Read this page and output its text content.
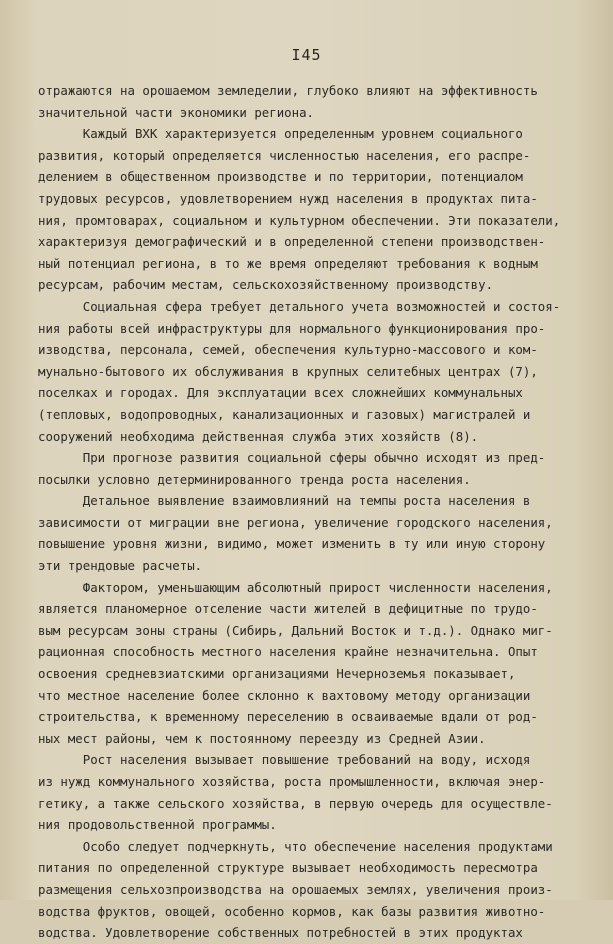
I45
отражаются на орошаемом земледелии, глубоко влияют на эффективность
значительной части экономики региона.
Каждый ВХК характеризуется определенным уровнем социального
развития, который определяется численностью населения, его распре-
делением в общественном производстве и по территории, потенциалом
трудовых ресурсов, удовлетворением нужд населения в продуктах пита-
ния, промтоварах, социальном и культурном обеспечении. Эти показатели,
характеризуя демографический и в определенной степени производствен-
ный потенциал региона, в то же время определяют требования к водным
ресурсам, рабочим местам, сельскохозяйственному производству.
Социальная сфера требует детального учета возможностей и состоя-
ния работы всей инфраструктуры для нормального функционирования про-
изводства, персонала, семей, обеспечения культурно-массового и ком-
мунально-бытового их обслуживания в крупных селитебных центрах (7),
поселках и городах. Для эксплуатации всех сложнейших коммунальных
(тепловых, водопроводных, канализационных и газовых) магистралей и
сооружений необходима действенная служба этих хозяйств (8).
При прогнозе развития социальной сферы обычно исходят из пред-
посылки условно детерминированного тренда роста населения.
Детальное выявление взаимовлияний на темпы роста населения в
зависимости от миграции вне региона, увеличение городского населения,
повышение уровня жизни, видимо, может изменить в ту или иную сторону
эти трендовые расчеты.
Фактором, уменьшающим абсолютный прирост численности населения,
является планомерное отселение части жителей в дефицитные по трудо-
вым ресурсам зоны страны (Сибирь, Дальний Восток и т.д.). Однако миг-
рационная способность местного населения крайне незначительна. Опыт
освоения средневзиатскими организациями Нечерноземья показывает,
что местное население более склонно к вахтовому методу организации
строительства, к временному переселению в осваиваемые вдали от род-
ных мест районы, чем к постоянному переезду из Средней Азии.
Рост населения вызывает повышение требований на воду, исходя
из нужд коммунального хозяйства, роста промышленности, включая энер-
гетику, а также сельского хозяйства, в первую очередь для осуществле-
ния продовольственной программы.
Особо следует подчеркнуть, что обеспечение населения продуктами
питания по определенной структуре вызывает необходимость пересмотра
размещения сельхозпроизводства на орошаемых землях, увеличения произ-
водства фруктов, овощей, особенно кормов, как базы развития животно-
водства. Удовлетворение собственных потребностей в этих продуктах
